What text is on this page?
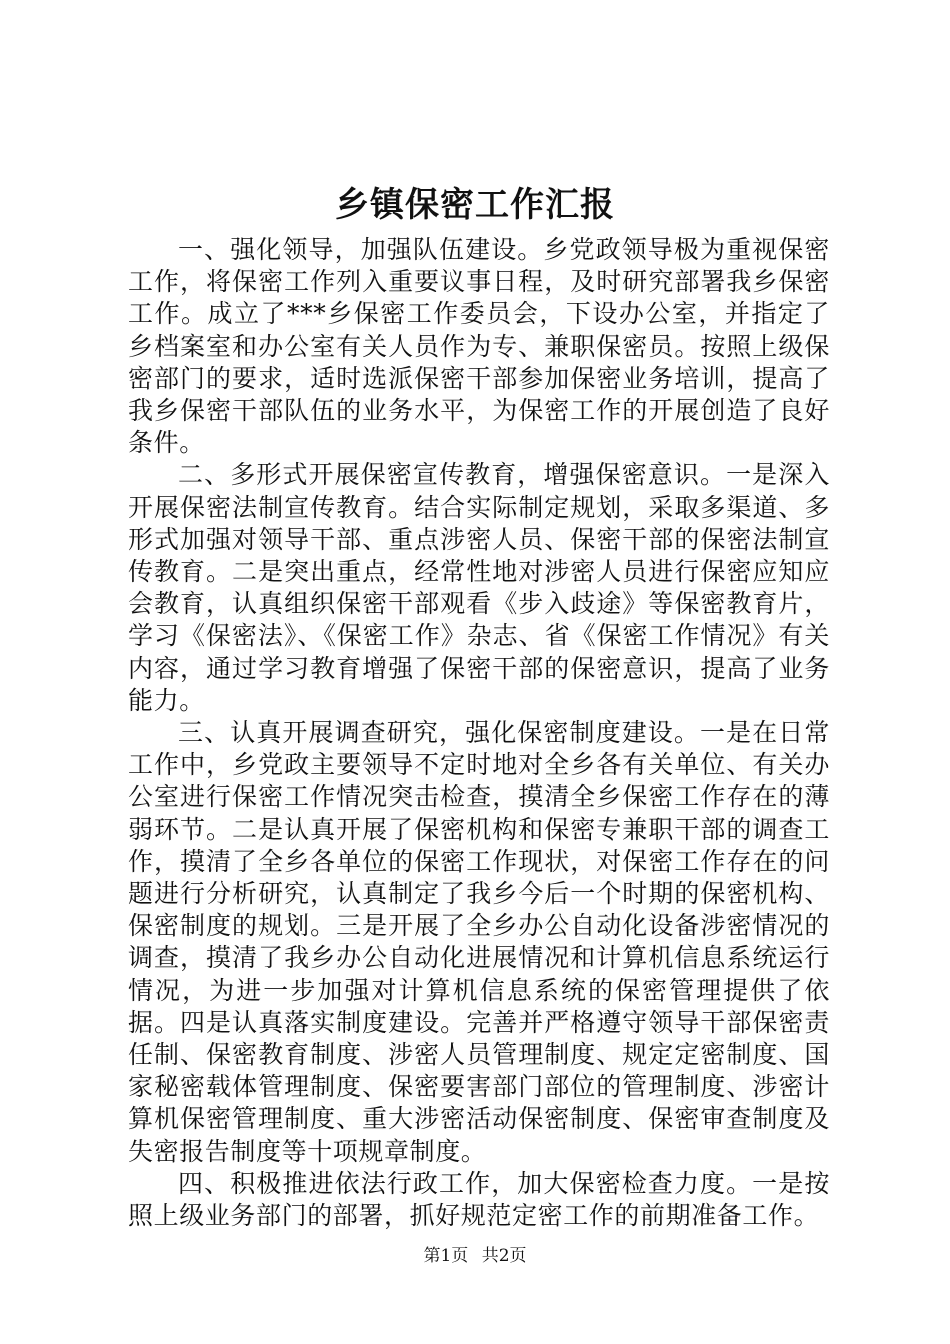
乡镇保密工作汇报

一、强化领导，加强队伍建设。乡党政领导极为重视保密工作，将保密工作列入重要议事日程，及时研究部署我乡保密工作。成立了***乡保密工作委员会，下设办公室，并指定了乡档案室和办公室有关人员作为专、兼职保密员。按照上级保密部门的要求，适时选派保密干部参加保密业务培训，提高了我乡保密干部队伍的业务水平，为保密工作的开展创造了良好条件。

二、多形式开展保密宣传教育，增强保密意识。一是深入开展保密法制宣传教育。结合实际制定规划，采取多渠道、多形式加强对领导干部、重点涉密人员、保密干部的保密法制宣传教育。二是突出重点，经常性地对涉密人员进行保密应知应会教育，认真组织保密干部观看《步入歧途》等保密教育片，学习《保密法》、《保密工作》杂志、省《保密工作情况》有关内容，通过学习教育增强了保密干部的保密意识，提高了业务能力。

三、认真开展调查研究，强化保密制度建设。一是在日常工作中，乡党政主要领导不定时地对全乡各有关单位、有关办公室进行保密工作情况突击检查，摸清全乡保密工作存在的薄弱环节。二是认真开展了保密机构和保密专兼职干部的调查工作，摸清了全乡各单位的保密工作现状，对保密工作存在的问题进行分析研究，认真制定了我乡今后一个时期的保密机构、保密制度的规划。三是开展了全乡办公自动化设备涉密情况的调查，摸清了我乡办公自动化进展情况和计算机信息系统运行情况，为进一步加强对计算机信息系统的保密管理提供了依据。四是认真落实制度建设。完善并严格遵守领导干部保密责任制、保密教育制度、涉密人员管理制度、规定定密制度、国家秘密载体管理制度、保密要害部门部位的管理制度、涉密计算机保密管理制度、重大涉密活动保密制度、保密审查制度及失密报告制度等十项规章制度。

四、积极推进依法行政工作，加大保密检查力度。一是按照上级业务部门的部署，抓好规范定密工作的前期准备工作。

第1页 共2页
